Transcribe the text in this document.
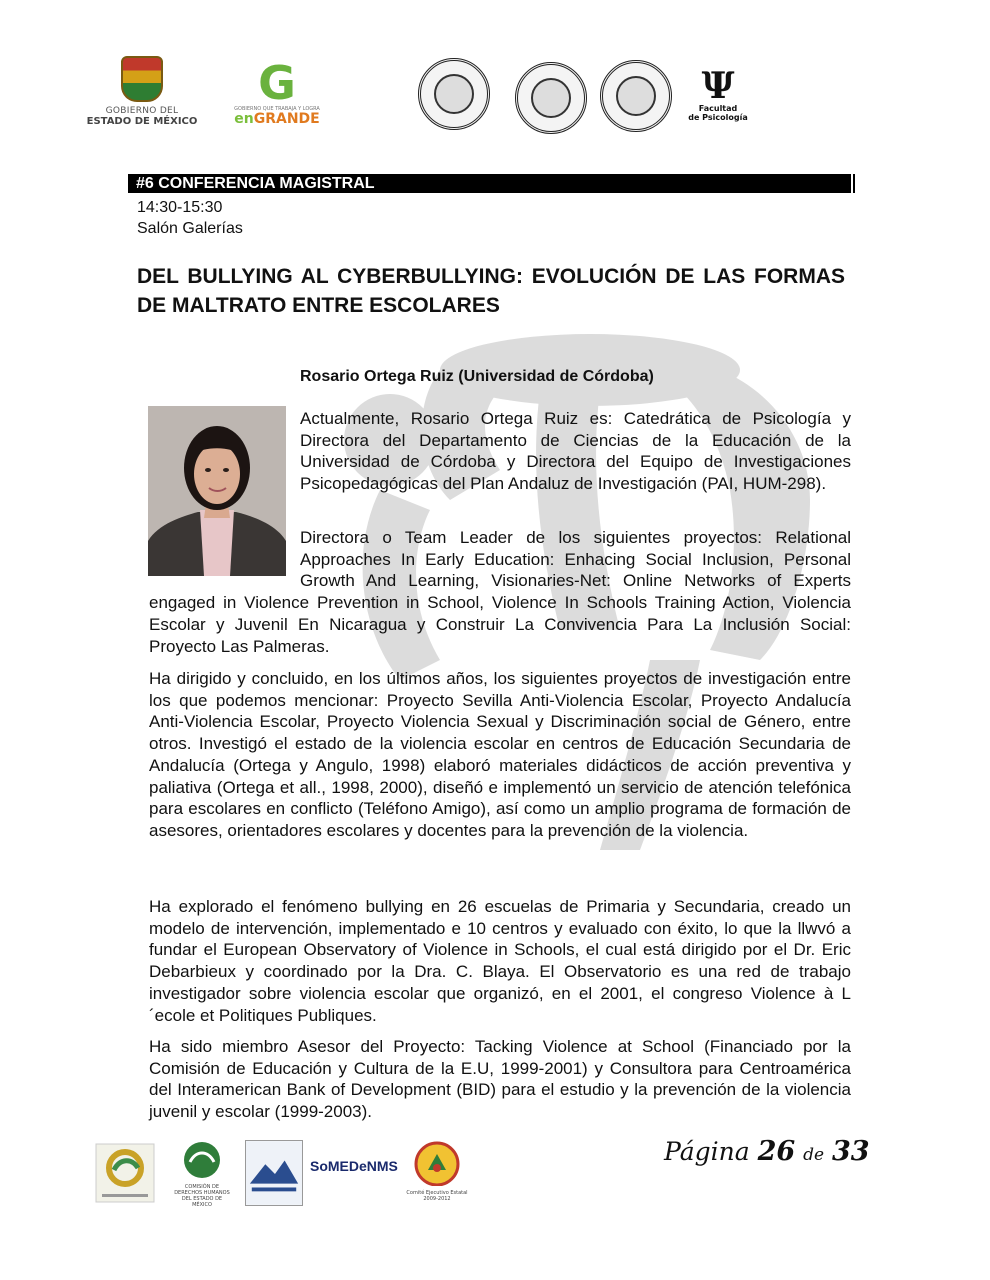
GOBIERNO DEL
ESTADO DE MÉXICO
G
GOBIERNO QUE TRABAJA Y LOGRA
enGRANDE
Ψ
Facultad
de Psicología
#6 CONFERENCIA MAGISTRAL
14:30-15:30
Salón Galerías
DEL BULLYING AL CYBERBULLYING: EVOLUCIÓN DE LAS FORMAS DE MALTRATO ENTRE ESCOLARES
Rosario Ortega Ruiz (Universidad de Córdoba)

Actualmente, Rosario Ortega Ruiz es: Catedrática de Psicología y Directora del Departamento de Ciencias de la Educación de la Universidad de Córdoba y Directora del Equipo de Investigaciones Psicopedagógicas del Plan Andaluz de Investigación (PAI, HUM-298).

Directora o Team Leader de los siguientes proyectos: Relational Approaches In Early Education: Enhacing Social Inclusion, Personal Growth And Learning, Visionaries-Net: Online Networks of Experts engaged in Violence Prevention in School, Violence In Schools Training Action, Violencia Escolar y Juvenil En Nicaragua y Construir La Convivencia Para La Inclusión Social: Proyecto Las Palmeras.

Ha dirigido y concluido, en los últimos años, los siguientes proyectos de investigación entre los que podemos mencionar: Proyecto Sevilla Anti-Violencia Escolar, Proyecto Andalucía Anti-Violencia Escolar, Proyecto Violencia Sexual y Discriminación social de Género, entre otros. Investigó el estado de la violencia escolar en centros de Educación Secundaria de Andalucía (Ortega y Angulo, 1998) elaboró materiales didácticos de acción preventiva y paliativa (Ortega et all., 1998, 2000), diseñó e implementó un servicio de atención telefónica para escolares en conflicto (Teléfono Amigo), así como un amplio programa de formación de asesores, orientadores escolares y docentes para la prevención de la violencia.

Ha explorado el fenómeno bullying en 26 escuelas de Primaria y Secundaria, creado un modelo de intervención, implementado e 10 centros y evaluado con éxito, lo que la llwvó a fundar el European Observatory of Violence in Schools, el cual está dirigido por el Dr. Eric Debarbieux y coordinado por la Dra. C. Blaya. El Observatorio es una red de trabajo investigador sobre violencia escolar que organizó, en el 2001, el congreso Violence à L´ecole et Politiques Publiques.

Ha sido miembro Asesor del Proyecto: Tacking Violence at School (Financiado por la Comisión de Educación y Cultura de la E.U, 1999-2001) y Consultora para Centroamérica del Interamerican Bank of Development (BID) para el estudio y la prevención de la violencia juvenil y escolar (1999-2003).

COMISIÓN DE
DERECHOS HUMANOS
DEL ESTADO DE MÉXICO
SoMEDeNMS
Comité Ejecutivo Estatal
2009-2012
Página 26 de 33
